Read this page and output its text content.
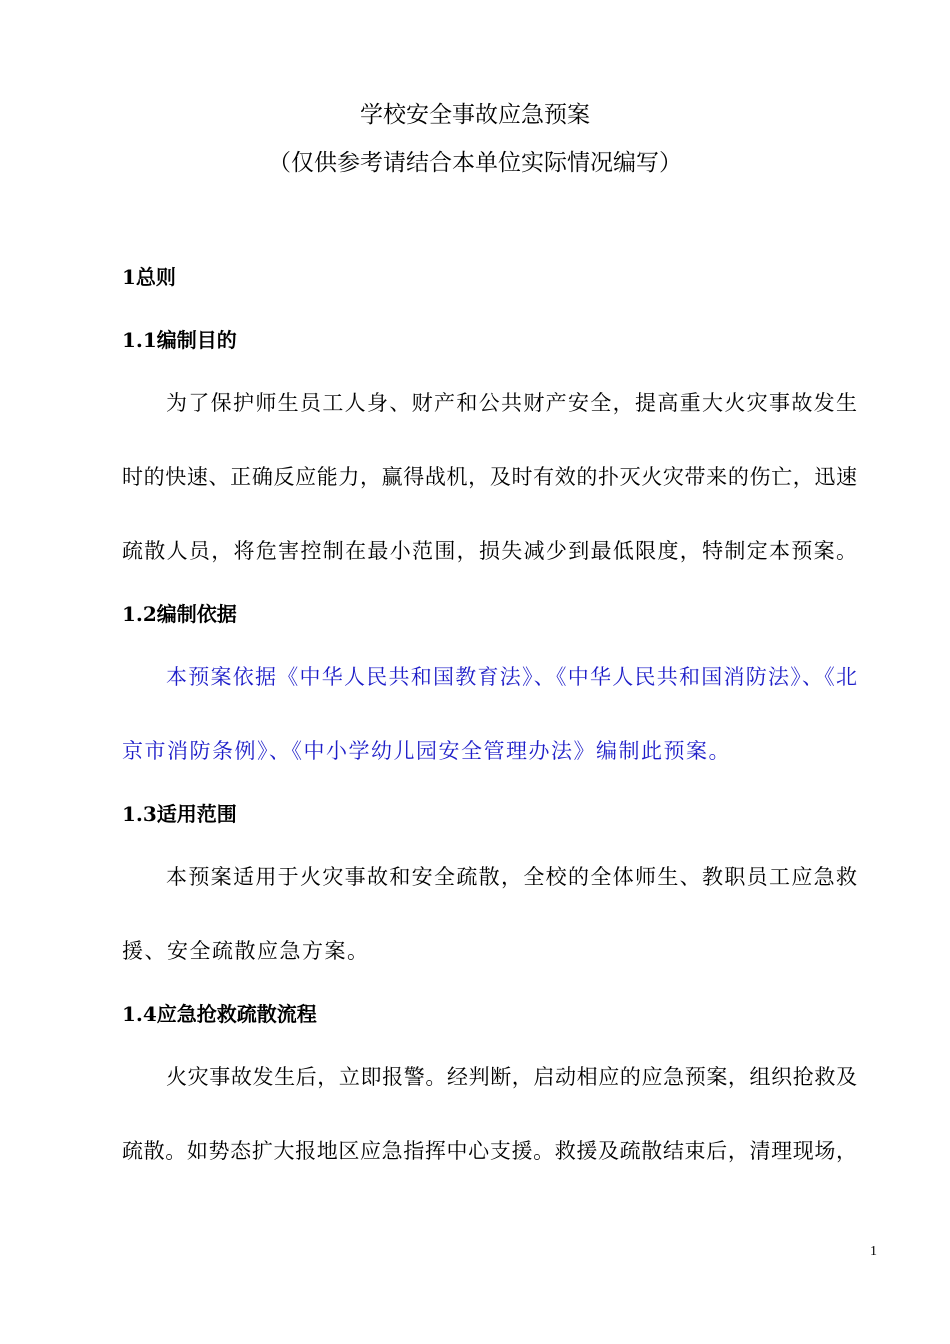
学校安全事故应急预案
（仅供参考请结合本单位实际情况编写）
1总则
1.1编制目的
为了保护师生员工人身、财产和公共财产安全，提高重大火灾事故发生
时的快速、正确反应能力，赢得战机，及时有效的扑灭火灾带来的伤亡，迅速
疏散人员，将危害控制在最小范围，损失减少到最低限度，特制定本预案。
1.2编制依据
本预案依据《中华人民共和国教育法》、《中华人民共和国消防法》、《北
京市消防条例》、《中小学幼儿园安全管理办法》编制此预案。
1.3适用范围
本预案适用于火灾事故和安全疏散，全校的全体师生、教职员工应急救
援、安全疏散应急方案。
1.4应急抢救疏散流程
火灾事故发生后，立即报警。经判断，启动相应的应急预案，组织抢救及
疏散。如势态扩大报地区应急指挥中心支援。救援及疏散结束后，清理现场，
1
